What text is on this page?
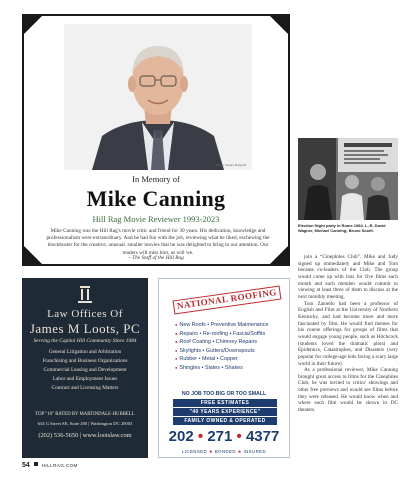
Photo: Susan Burghoff
In Memory of
Mike Canning
Hill Rag Movie Reviewer 1993-2023
Mike Canning was the Hill Rag's movie critic and friend for 30 years. His dedication, knowledge and professionalism were extraordinary. And he had fun with the job, reviewing what he liked, eschewing the blockbuster for the creative, unusual. smaller movies that he was delighted to bring to our attention. Our readers will miss him, as will we.
– The Staff of the Hill Rag
Election Night party in Rome 1984. L–R, David Wagner, Michael Canning; Bruno Scarfi.

join a “Cinephiles Club”. Mike and Judy signed up immediately and Mike and Tom became co-leaders of the Club. The group would come up with lists for five films each month and each member would commit to viewing at least three of them to discuss at the next monthly meeting.

Tom Zaniello had been a professor of English and Film at the University of Northern Kentucky, and had become more and more fascinated by film. He would find themes for his course offerings for groups of films that would engage young people, such as Hitchcock (students loved the dramatic plots) and Epidemics, Catastrophes, and Disasters (very popular for college-age kids facing a scary large world in their future).

As a professional reviewer, Mike Canning brought great access to films for the Cinephiles Club; he was invited to critics' showings and other free previews and would see films before they were released. He would know when and where each film would be shown in DC theaters.

Law Offices Of
James M Loots, PC
Serving the Capitol Hill Community Since 1984
General Litigation and Arbitration
Franchising and Business Organizations
Commercial Leasing and Development
Labor and Employment Issues
Contract and Licensing Matters
TOP "10" RATED BY MARTINDALE-HUBBELL
634 G Street SE, Suite 200 | Washington DC 20003
(202) 536-5650 | www.lootslaw.com
NATIONAL ROOFING
● New Roofs • Preventive Maintenance
● Repairs • Re-roofing • Fascia/Soffits
● Roof Coating • Chimney Repairs
● Skylights • Gutters/Downspouts
● Rubber • Metal • Copper
● Shingles • Slates • Shakes
NO JOB TOO BIG OR TOO SMALL
FREE ESTIMATES
"40 YEARS EXPERIENCE"
FAMILY OWNED & OPERATED
202 • 271 • 4377
LICENSED ★ BONDED ★ INSURED
54	HILLRAG.COM
